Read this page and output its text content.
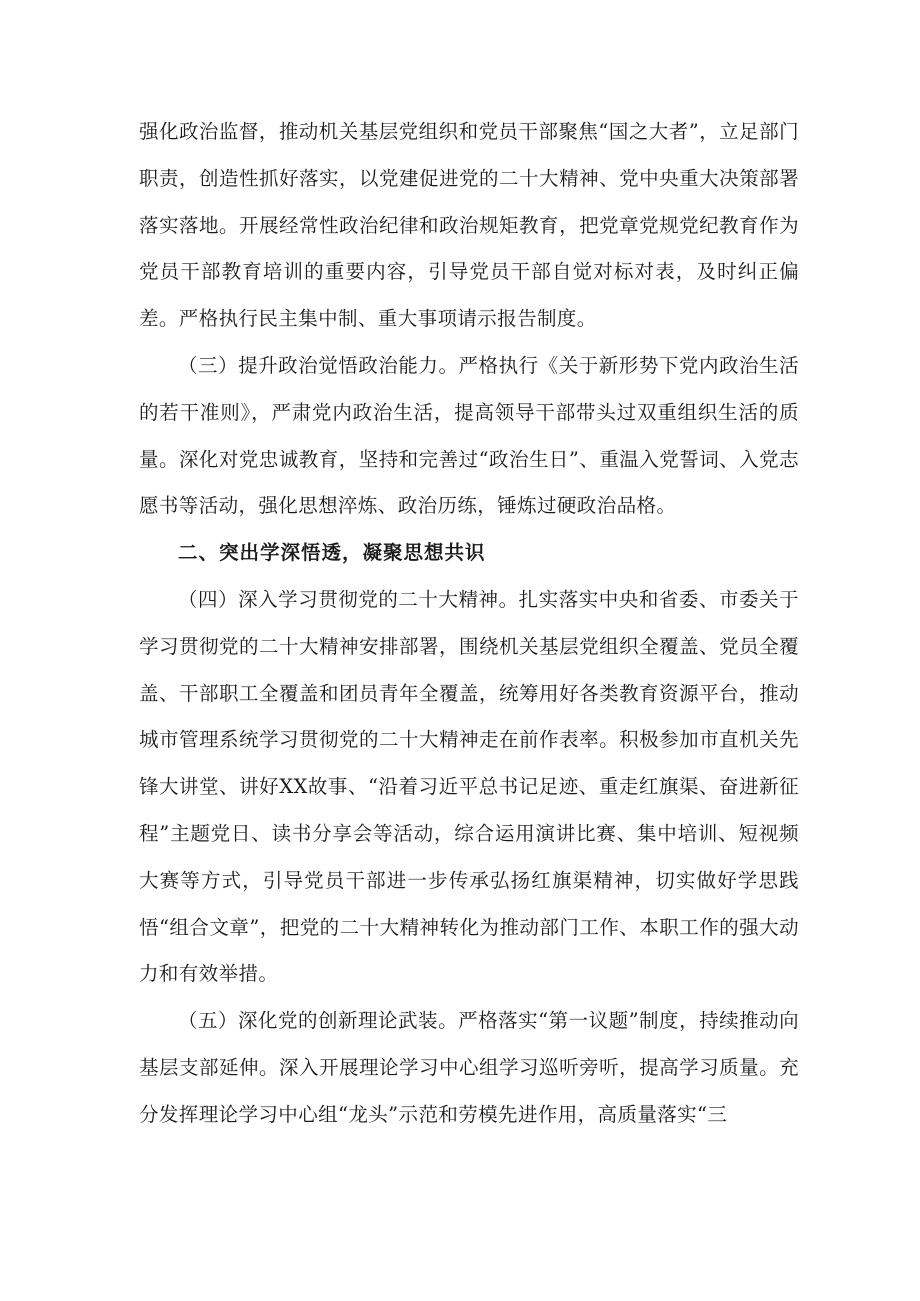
强化政治监督，推动机关基层党组织和党员干部聚焦“国之大者”，立足部门职责，创造性抓好落实，以党建促进党的二十大精神、党中央重大决策部署落实落地。开展经常性政治纪律和政治规矩教育，把党章党规党纪教育作为党员干部教育培训的重要内容，引导党员干部自觉对标对表，及时纠正偏差。严格执行民主集中制、重大事项请示报告制度。

（三）提升政治觉悟政治能力。严格执行《关于新形势下党内政治生活的若干准则》，严肃党内政治生活，提高领导干部带头过双重组织生活的质量。深化对党忠诚教育，坚持和完善过“政治生日”、重温入党誓词、入党志愿书等活动，强化思想淬炼、政治历练，锤炼过硬政治品格。

二、突出学深悟透，凝聚思想共识

（四）深入学习贯彻党的二十大精神。扎实落实中央和省委、市委关于学习贯彻党的二十大精神安排部署，围绕机关基层党组织全覆盖、党员全覆盖、干部职工全覆盖和团员青年全覆盖，统筹用好各类教育资源平台，推动城市管理系统学习贯彻党的二十大精神走在前作表率。积极参加市直机关先锋大讲堂、讲好XX故事、“沿着习近平总书记足迹、重走红旗渠、奋进新征程”主题党日、读书分享会等活动，综合运用演讲比赛、集中培训、短视频大赛等方式，引导党员干部进一步传承弘扬红旗渠精神，切实做好学思践悟“组合文章”，把党的二十大精神转化为推动部门工作、本职工作的强大动力和有效举措。

（五）深化党的创新理论武装。严格落实“第一议题”制度，持续推动向基层支部延伸。深入开展理论学习中心组学习巡听旁听，提高学习质量。充分发挥理论学习中心组“龙头”示范和劳模先进作用，高质量落实“三
